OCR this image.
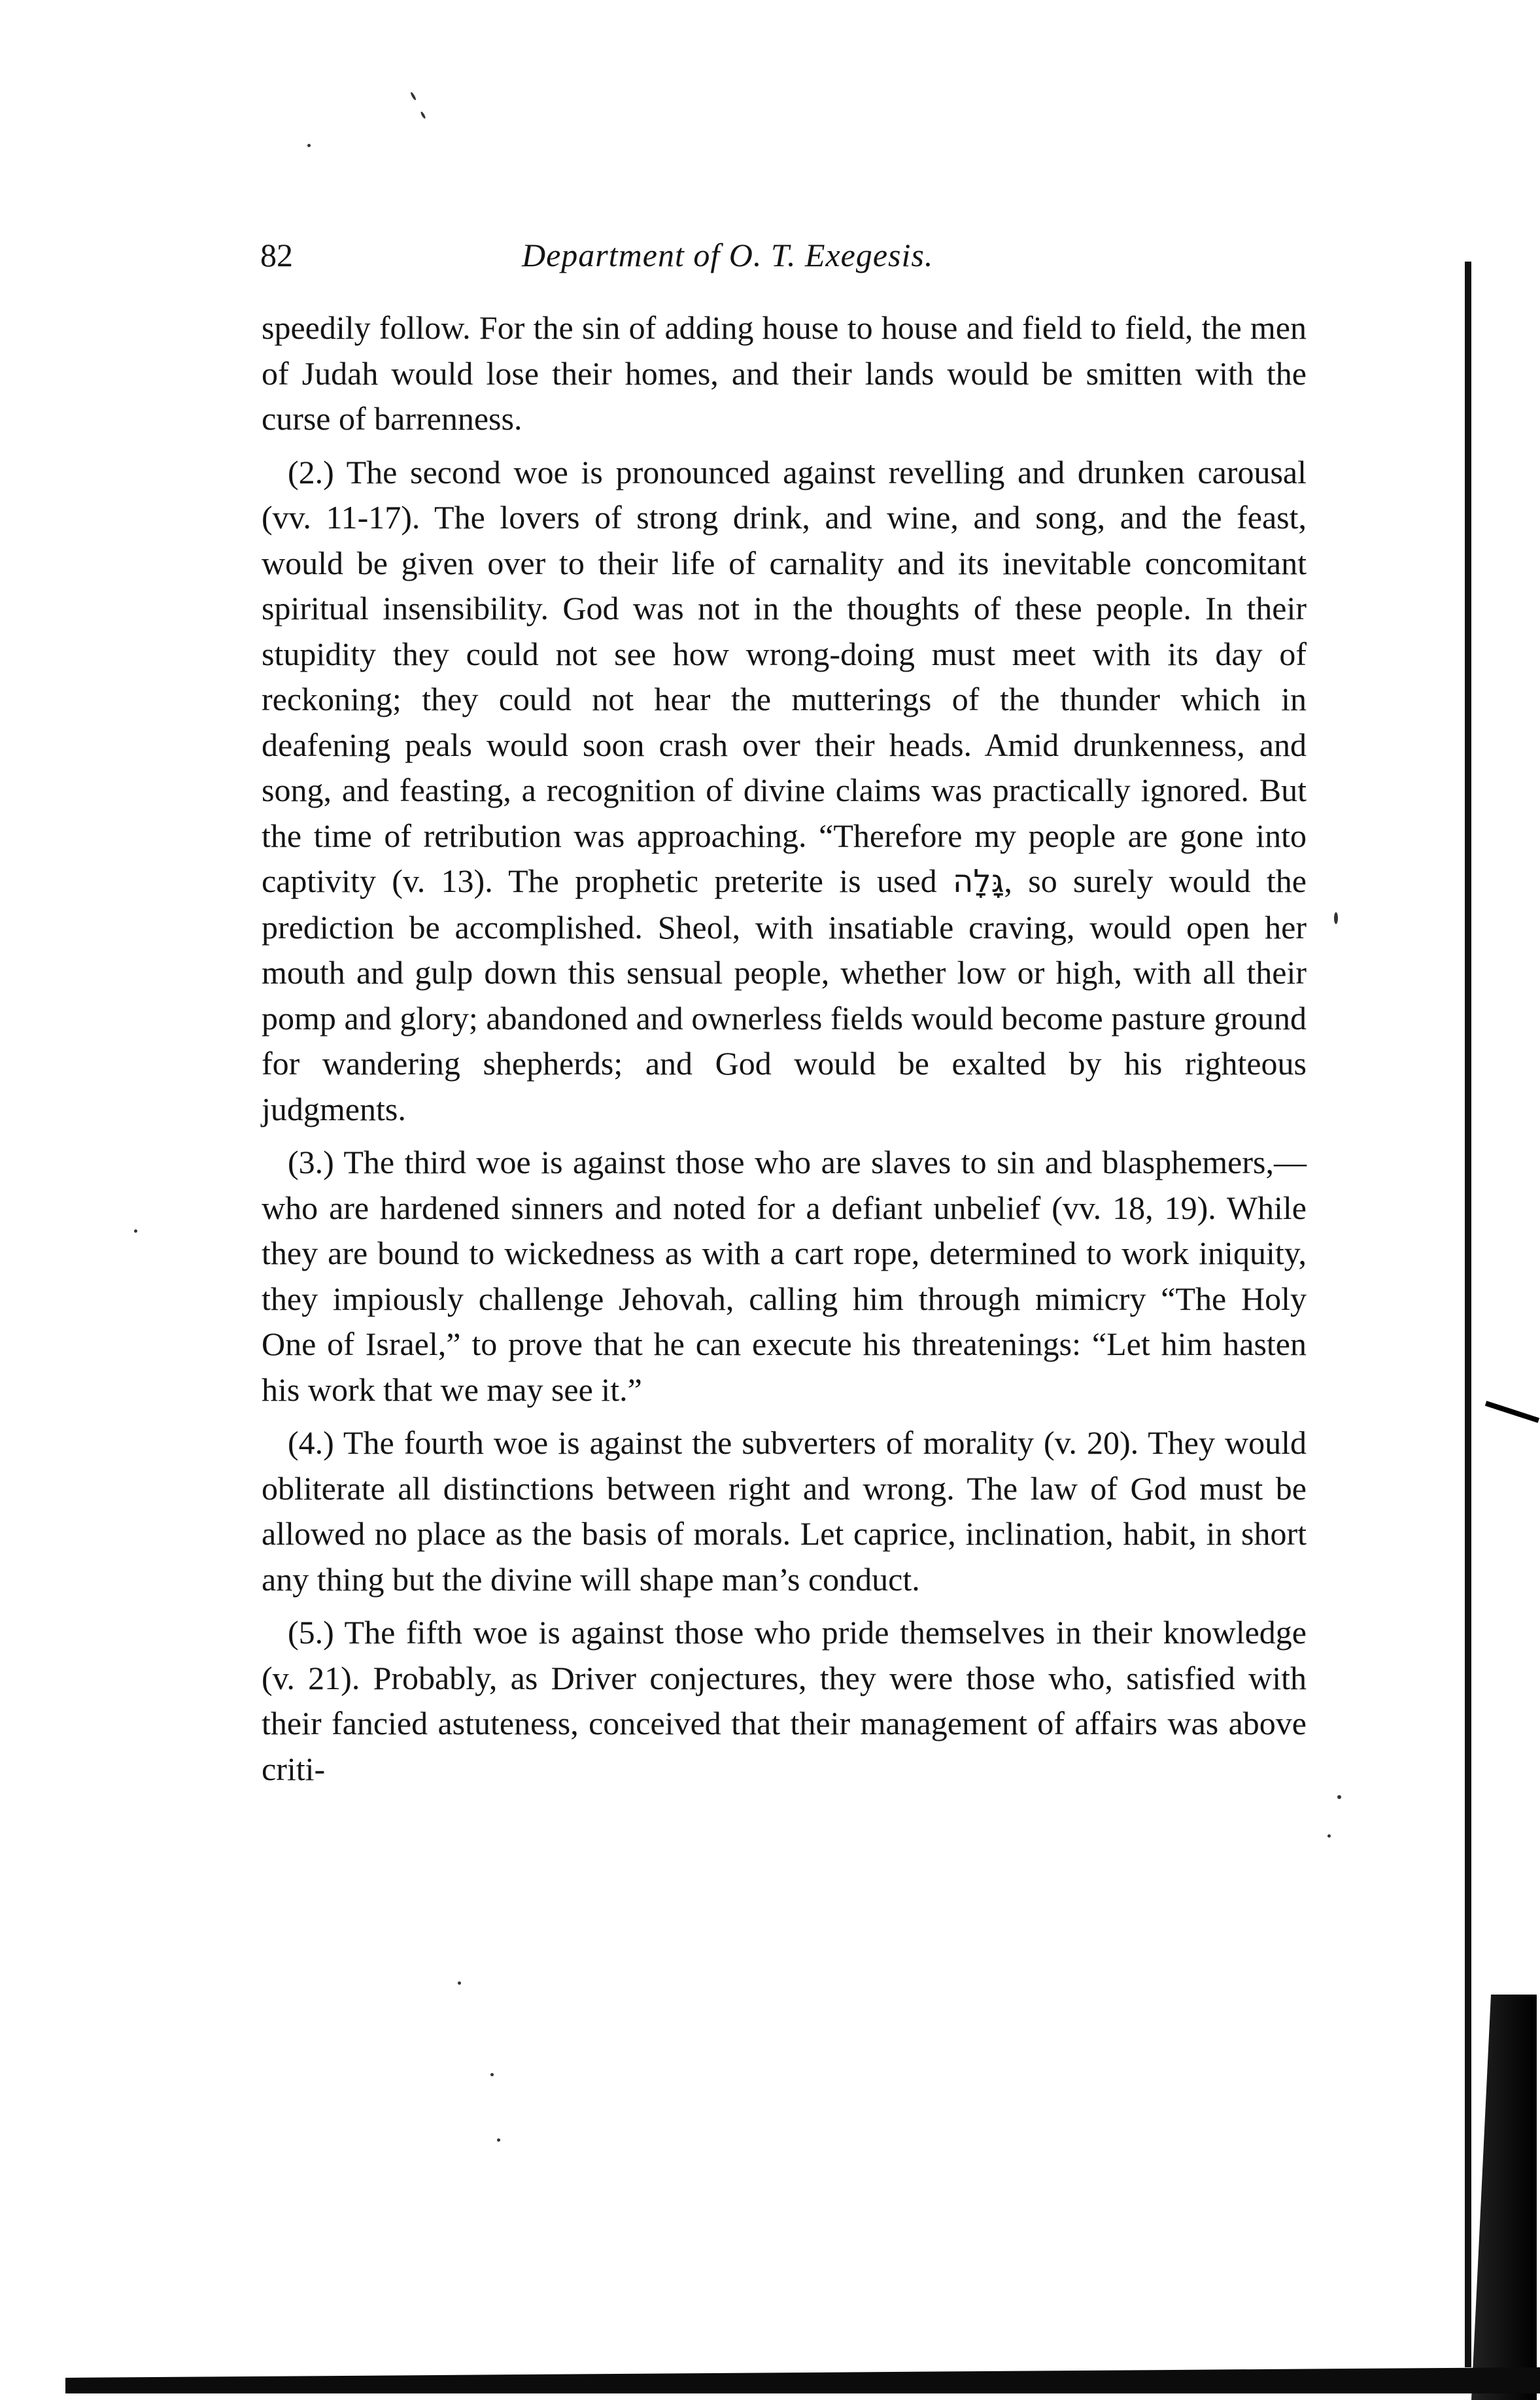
82	Department of O. T. Exegesis.

speedily follow. For the sin of adding house to house and field to field, the men of Judah would lose their homes, and their lands would be smitten with the curse of barrenness.

(2.) The second woe is pronounced against revelling and drunken carousal (vv. 11-17). The lovers of strong drink, and wine, and song, and the feast, would be given over to their life of carnality and its inevitable concomitant spiritual insensibility. God was not in the thoughts of these people. In their stupidity they could not see how wrong-doing must meet with its day of reckoning; they could not hear the mutterings of the thunder which in deafening peals would soon crash over their heads. Amid drunkenness, and song, and feasting, a recognition of divine claims was practically ignored. But the time of retribution was approaching. “Therefore my people are gone into captivity (v. 13). The prophetic preterite is used גָּלָה, so surely would the prediction be accomplished. Sheol, with insatiable craving, would open her mouth and gulp down this sensual people, whether low or high, with all their pomp and glory; abandoned and ownerless fields would become pasture ground for wandering shepherds; and God would be exalted by his righteous judgments.

(3.) The third woe is against those who are slaves to sin and blasphemers,—who are hardened sinners and noted for a defiant unbelief (vv. 18, 19). While they are bound to wickedness as with a cart rope, determined to work iniquity, they impiously challenge Jehovah, calling him through mimicry “The Holy One of Israel,” to prove that he can execute his threatenings: “Let him hasten his work that we may see it.”

(4.) The fourth woe is against the subverters of morality (v. 20). They would obliterate all distinctions between right and wrong. The law of God must be allowed no place as the basis of morals. Let caprice, inclination, habit, in short any thing but the divine will shape man’s conduct.

(5.) The fifth woe is against those who pride themselves in their knowledge (v. 21). Probably, as Driver conjectures, they were those who, satisfied with their fancied astuteness, conceived that their management of affairs was above criti-
